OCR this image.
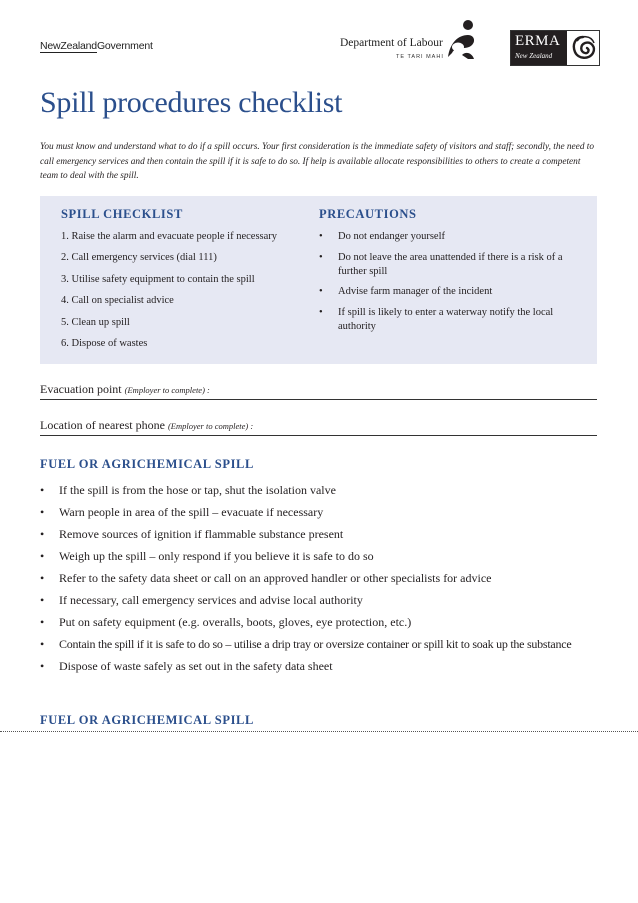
NewZealandGovernment	Department of Labour
TE TARI MAHI
ERMA
New Zealand
Spill procedures checklist
You must know and understand what to do if a spill occurs. Your first consideration is the immediate safety of visitors and staff; secondly, the need to call emergency services and then contain the spill if it is safe to do so. If help is available allocate responsibilities to others to create a competent team to deal with the spill.
SPILL CHECKLIST
1. Raise the alarm and evacuate people if necessary
2. Call emergency services (dial 111)
3. Utilise safety equipment to contain the spill
4. Call on specialist advice
5. Clean up spill
6. Dispose of wastes
PRECAUTIONS
• Do not endanger yourself
• Do not leave the area unattended if there is a risk of a further spill
• Advise farm manager of the incident
• If spill is likely to enter a waterway notify the local authority
Evacuation point (Employer to complete) :
Location of nearest phone (Employer to complete) :
FUEL OR AGRICHEMICAL SPILL
• If the spill is from the hose or tap, shut the isolation valve
• Warn people in area of the spill – evacuate if necessary
• Remove sources of ignition if flammable substance present
• Weigh up the spill – only respond if you believe it is safe to do so
• Refer to the safety data sheet or call on an approved handler or other specialists for advice
• If necessary, call emergency services and advise local authority
• Put on safety equipment (e.g. overalls, boots, gloves, eye protection, etc.)
• Contain the spill if it is safe to do so – utilise a drip tray or oversize container or spill kit to soak up the substance
• Dispose of waste safely as set out in the safety data sheet
FUEL OR AGRICHEMICAL SPILL
